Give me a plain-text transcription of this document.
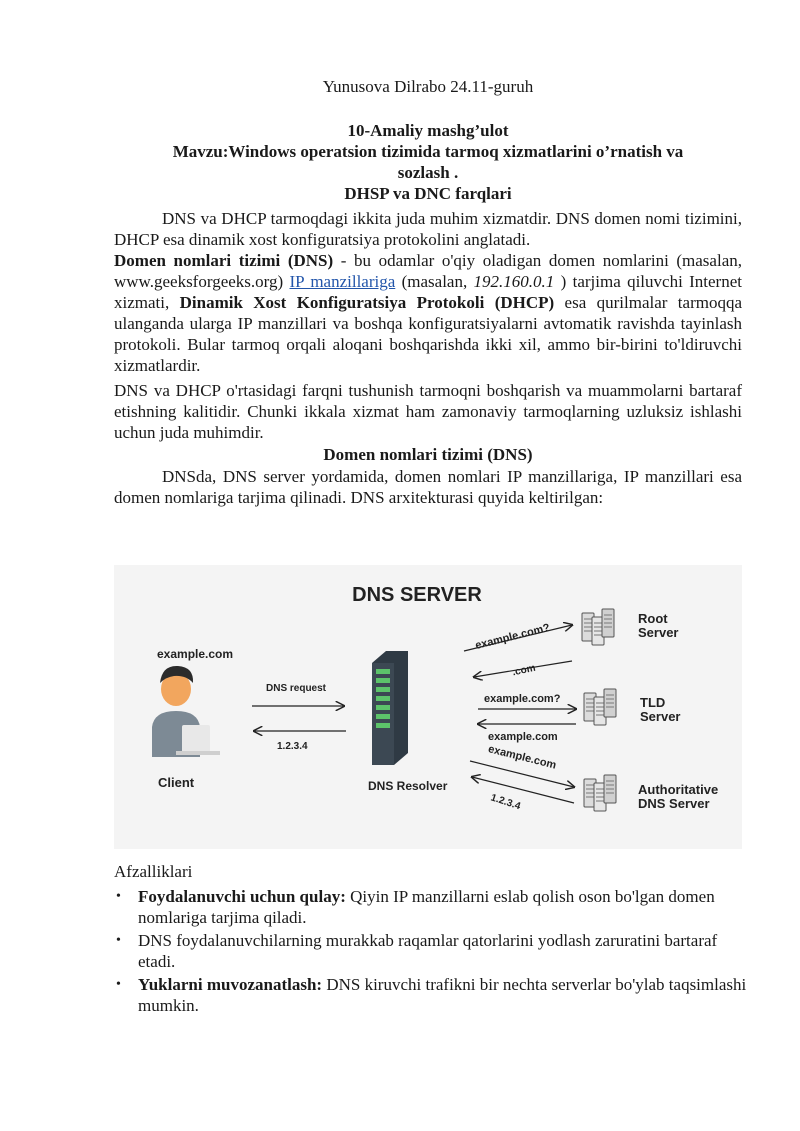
Yunusova Dilrabo 24.11-guruh
10-Amaliy mashg’ulot
Mavzu:Windows operatsion tizimida tarmoq xizmatlarini o’rnatish va
sozlash .
DHSP va DNC farqlari
DNS va DHCP tarmoqdagi ikkita juda muhim xizmatdir. DNS domen nomi tizimini, DHCP esa dinamik xost konfiguratsiya protokolini anglatadi.
Domen nomlari tizimi (DNS) - bu odamlar o'qiy oladigan domen nomlarini (masalan, www.geeksforgeeks.org) IP manzillariga (masalan, 192.160.0.1 ) tarjima qiluvchi Internet xizmati, Dinamik Xost Konfiguratsiya Protokoli (DHCP) esa qurilmalar tarmoqqa ulanganda ularga IP manzillari va boshqa konfiguratsiyalarni avtomatik ravishda tayinlash protokoli. Bular tarmoq orqali aloqani boshqarishda ikki xil, ammo bir-birini to'ldiruvchi xizmatlardir.
DNS va DHCP o'rtasidagi farqni tushunish tarmoqni boshqarish va muammolarni bartaraf etishning kalitidir. Chunki ikkala xizmat ham zamonaviy tarmoqlarning uzluksiz ishlashi uchun juda muhimdir.
Domen nomlari tizimi (DNS)
DNSda, DNS server yordamida, domen nomlari IP manzillariga, IP manzillari esa domen nomlariga tarjima qilinadi. DNS arxitekturasi quyida keltirilgan:
DNS SERVER
example.com
Client
DNS request
1.2.3.4
DNS Resolver
example.com?
.com
Root
Server
example.com?
example.com
TLD
Server
example.com
1.2.3.4
Authoritative
DNS Server
Afzalliklari
• Foydalanuvchi uchun qulay: Qiyin IP manzillarni eslab qolish oson bo'lgan domen nomlariga tarjima qiladi.
• DNS foydalanuvchilarning murakkab raqamlar qatorlarini yodlash zaruratini bartaraf etadi.
• Yuklarni muvozanatlash: DNS kiruvchi trafikni bir nechta serverlar bo'ylab taqsimlashi mumkin.
